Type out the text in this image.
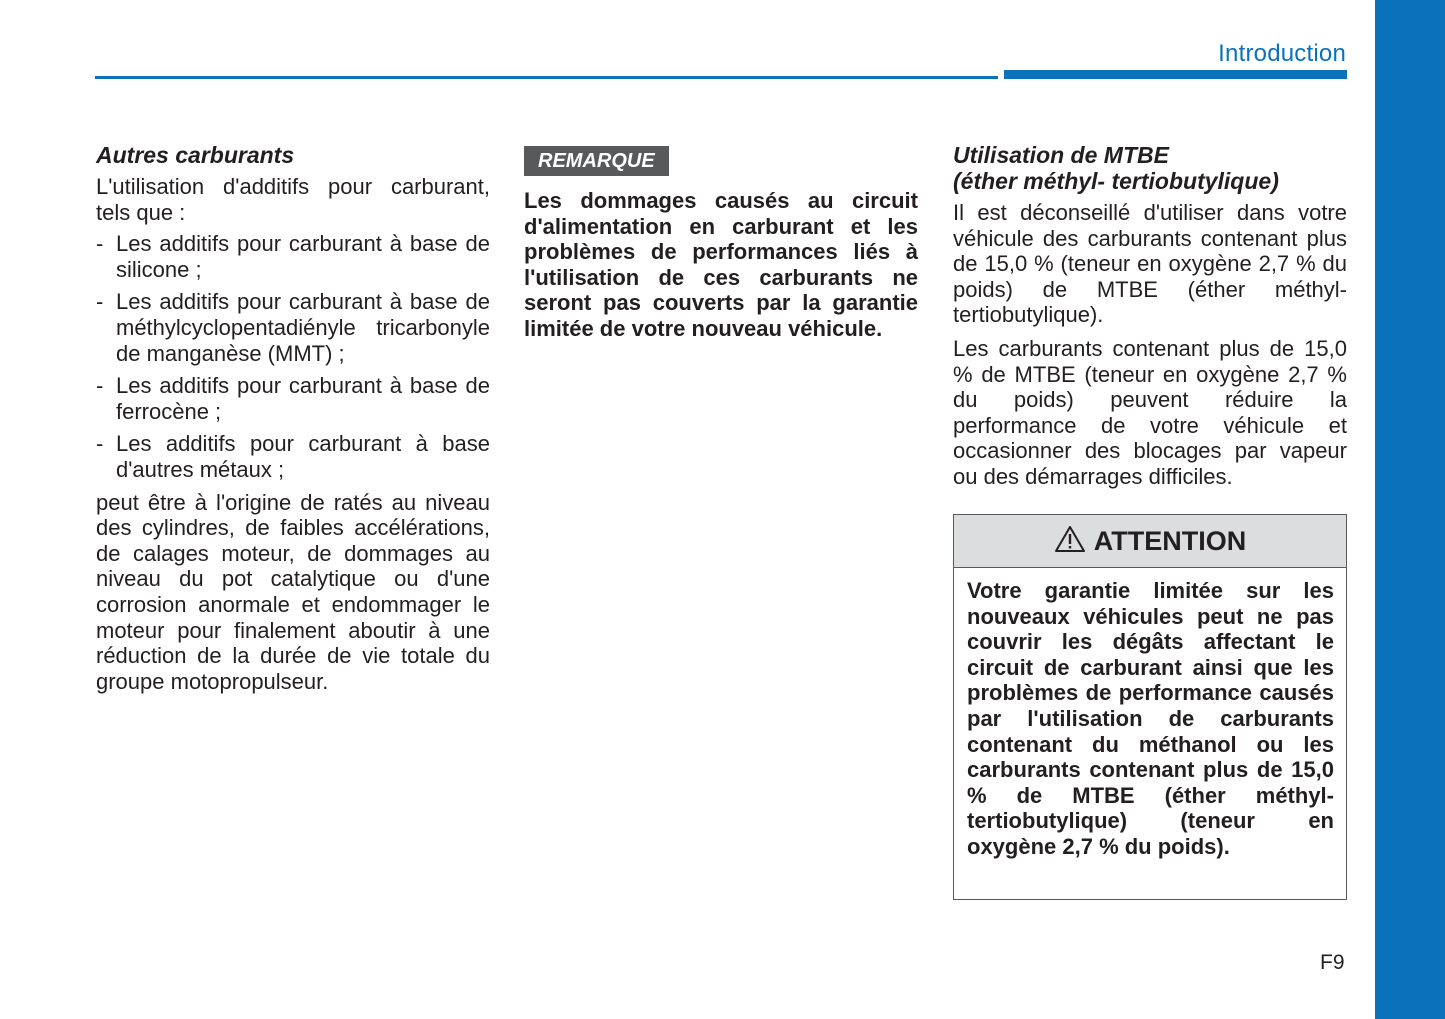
Introduction

Autres carburants

L'utilisation d'additifs pour carburant, tels que :

- Les additifs pour carburant à base de silicone ;
- Les additifs pour carburant à base de méthylcyclopentadiényle tricarbonyle de manganèse (MMT) ;
- Les additifs pour carburant à base de ferrocène ;
- Les additifs pour carburant à base d'autres métaux ;

peut être à l'origine de ratés au niveau des cylindres, de faibles accélérations, de calages moteur, de dommages au niveau du pot catalytique ou d'une corrosion anormale et endommager le moteur pour finalement aboutir à une réduction de la durée de vie totale du groupe motopropulseur.

REMARQUE

Les dommages causés au circuit d'alimentation en carburant et les problèmes de performances liés à l'utilisation de ces carburants ne seront pas couverts par la garantie limitée de votre nouveau véhicule.

Utilisation de MTBE

(éther méthyl- tertiobutylique)

Il est déconseillé d'utiliser dans votre véhicule des carburants contenant plus de 15,0 % (teneur en oxygène 2,7 % du poids) de MTBE (éther méthyl- tertiobutylique).

Les carburants contenant plus de 15,0 % de MTBE (teneur en oxygène 2,7 % du poids) peuvent réduire la performance de votre véhicule et occasionner des blocages par vapeur ou des démarrages difficiles.

ATTENTION
Votre garantie limitée sur les nouveaux véhicules peut ne pas couvrir les dégâts affectant le circuit de carburant ainsi que les problèmes de performance causés par l'utilisation de carburants contenant du méthanol ou les carburants contenant plus de 15,0 % de MTBE (éther méthyl- tertiobutylique) (teneur en oxygène 2,7 % du poids).
F9
